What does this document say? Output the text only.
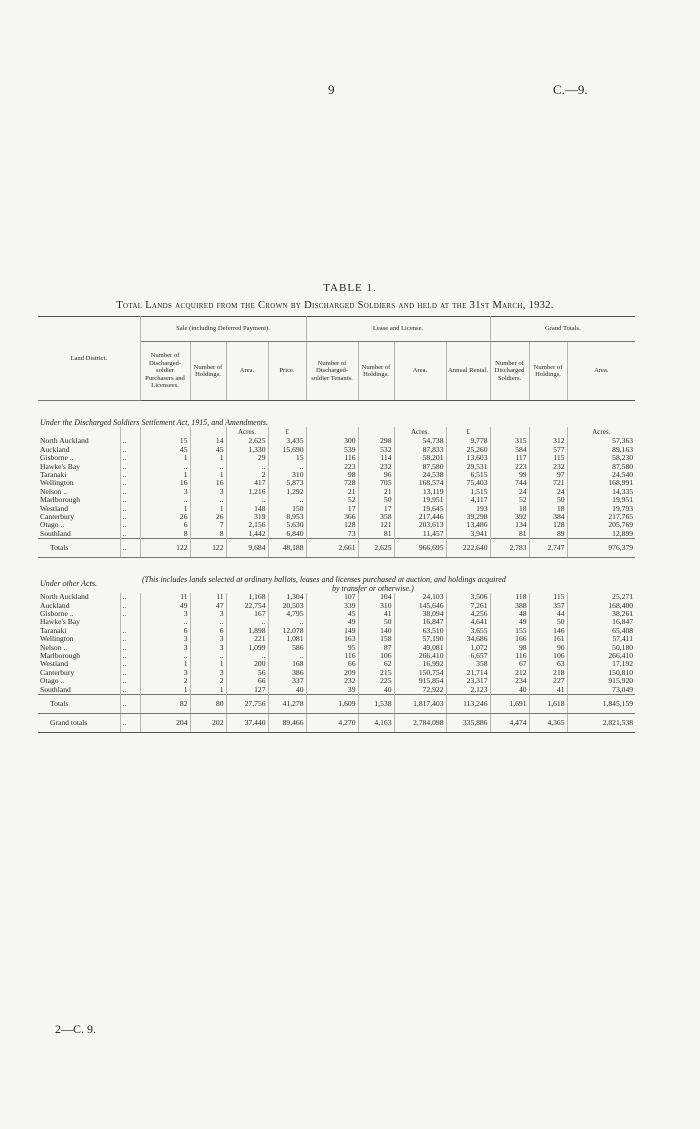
9	C.—9.
TABLE 1.
Total Lands acquired from the Crown by Discharged Soldiers and held at the 31st March, 1932.
Land District.		Sale (including Deferred Payment).				Lease and License.				Grand Totals.		
		Number of Discharged-soldier Purchasers and Licensees.	Number of Holdings.	Area.	Price.	Number of Discharged-soldier Tenants.	Number of Holdings.	Area.	Annual Rental.	Number of Discharged Soldiers.	Number of Holdings.	Area.

Under the Discharged Soldiers Settlement Act, 1915, and Amendments.												
				Acres.	£			Acres.	£			Acres.
North Auckland	..	15	14	2,625	3,435	300	298	54,738	9,778	315	312	57,363
Auckland	..	45	45	1,330	15,690	539	532	87,833	25,260	584	577	89,163
Gisborne ..	..	1	1	29	15	116	114	58,201	13,603	117	115	58,230
Hawke's Bay	..	..	..	..	..	223	232	87,580	29,531	223	232	87,580
Taranaki	..	1	1	2	310	98	96	24,538	6,515	99	97	24,540
Wellington	..	16	16	417	5,873	728	705	168,574	75,403	744	721	168,991
Nelson ..	..	3	3	1,216	1,292	21	21	13,119	1,515	24	24	14,335
Marlborough	..	..	..	..	..	52	50	19,951	4,117	52	50	19,951
Westland	..	1	1	148	150	17	17	19,645	193	18	18	19,793
Canterbury	..	26	26	319	8,953	366	358	217,446	39,298	392	384	217,765
Otago ..	..	6	7	2,156	5,630	128	121	203,613	13,486	134	128	205,769
Southland	..	8	8	1,442	6,840	73	81	11,457	3,941	81	89	12,899
Totals	..	122	122	9,684	48,188	2,661	2,625	966,695	222,640	2,783	2,747	976,379

Under other Acts.		(This includes lands selected at ordinary ballots, leases and licenses purchased at auction, and holdings acquired
by transfer or otherwise.)										
North Auckland	..	11	11	1,168	1,304	107	104	24,103	3,506	118	115	25,271
Auckland	..	49	47	22,754	20,503	339	310	145,646	7,261	388	357	168,400
Gisborne ..	..	3	3	167	4,795	45	41	38,094	4,256	48	44	38,261
Hawke's Bay		..	..	..	..	49	50	16,847	4,641	49	50	16,847
Taranaki	..	6	6	1,898	12,078	149	140	63,510	3,655	155	146	65,408
Wellington	..	3	3	221	1,081	163	158	57,190	34,686	166	161	57,411
Nelson ..	..	3	3	1,099	586	95	87	49,081	1,072	98	90	50,180
Marlborough	..	..	..	..	..	116	106	266,410	6,657	116	106	266,410
Westland	..	1	1	200	168	66	62	16,992	358	67	63	17,192
Canterbury	..	3	3	56	386	209	215	150,754	21,714	212	218	150,810
Otago ..	..	2	2	66	337	232	225	915,854	23,317	234	227	915,920
Southland	..	1	1	127	40	39	40	72,922	2,123	40	41	73,049
Totals	..	82	80	27,756	41,278	1,609	1,538	1,817,403	113,246	1,691	1,618	1,845,159
Grand totals	..	204	202	37,440	89,466	4,270	4,163	2,784,098	335,886	4,474	4,365	2,821,538
2—C. 9.
